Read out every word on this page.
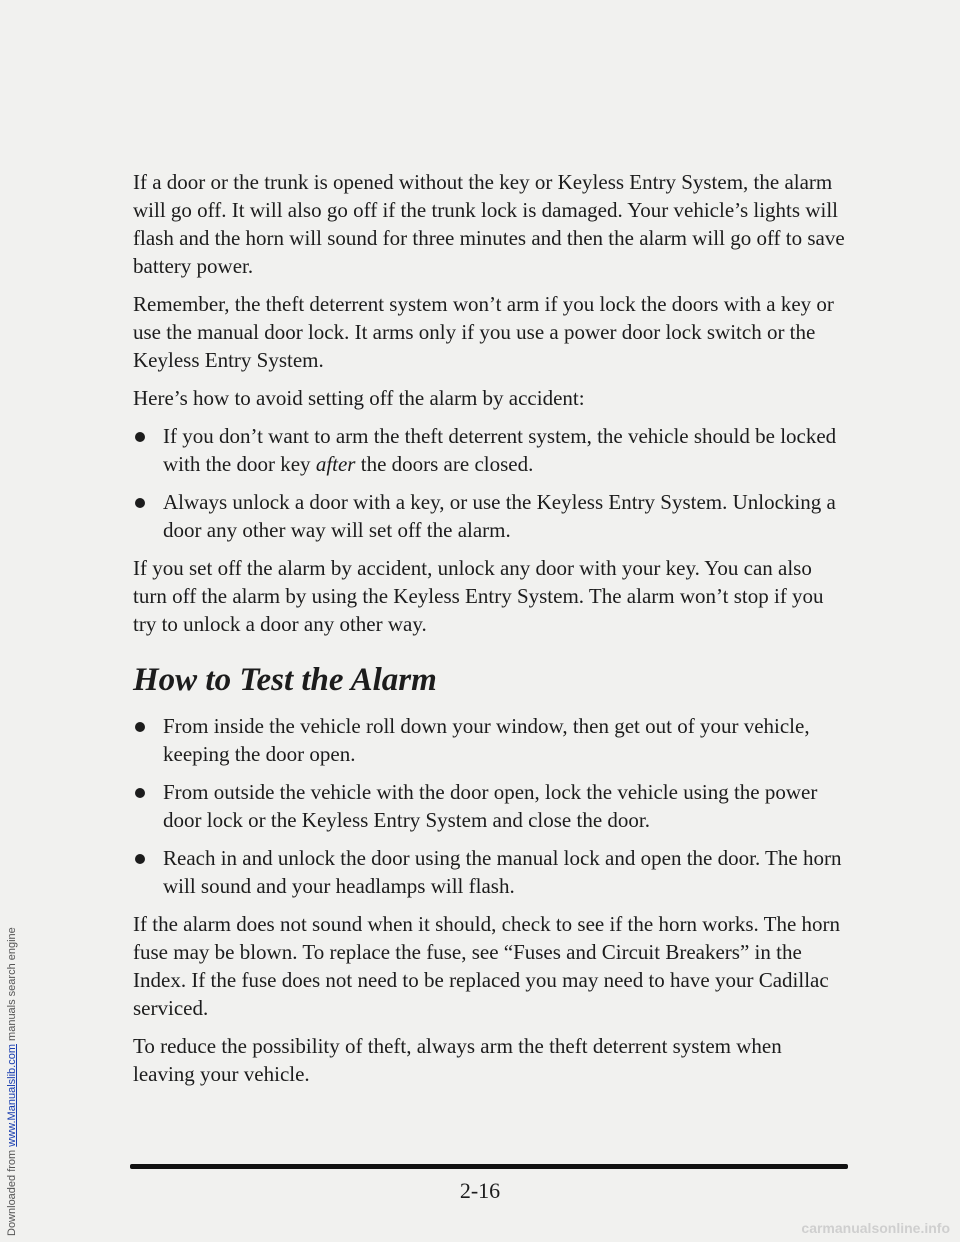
Downloaded from www.Manualslib.com manuals search engine

If a door or the trunk is opened without the key or Keyless Entry System, the alarm will go off. It will also go off if the trunk lock is damaged. Your vehicle’s lights will flash and the horn will sound for three minutes and then the alarm will go off to save battery power.

Remember, the theft deterrent system won’t arm if you lock the doors with a key or use the manual door lock. It arms only if you use a power door lock switch or the Keyless Entry System.

Here’s how to avoid setting off the alarm by accident:

If you don’t want to arm the theft deterrent system, the vehicle should be locked with the door key after the doors are closed.
Always unlock a door with a key, or use the Keyless Entry System. Unlocking a door any other way will set off the alarm.

If you set off the alarm by accident, unlock any door with your key. You can also turn off the alarm by using the Keyless Entry System. The alarm won’t stop if you try to unlock a door any other way.

How to Test the Alarm
From inside the vehicle roll down your window, then get out of your vehicle, keeping the door open.
From outside the vehicle with the door open, lock the vehicle using the power door lock or the Keyless Entry System and close the door.
Reach in and unlock the door using the manual lock and open the door. The horn will sound and your headlamps will flash.

If the alarm does not sound when it should, check to see if the horn works. The horn fuse may be blown. To replace the fuse, see “Fuses and Circuit Breakers” in the Index. If the fuse does not need to be replaced you may need to have your Cadillac serviced.

To reduce the possibility of theft, always arm the theft deterrent system when leaving your vehicle.

2-16
carmanualsonline.info
